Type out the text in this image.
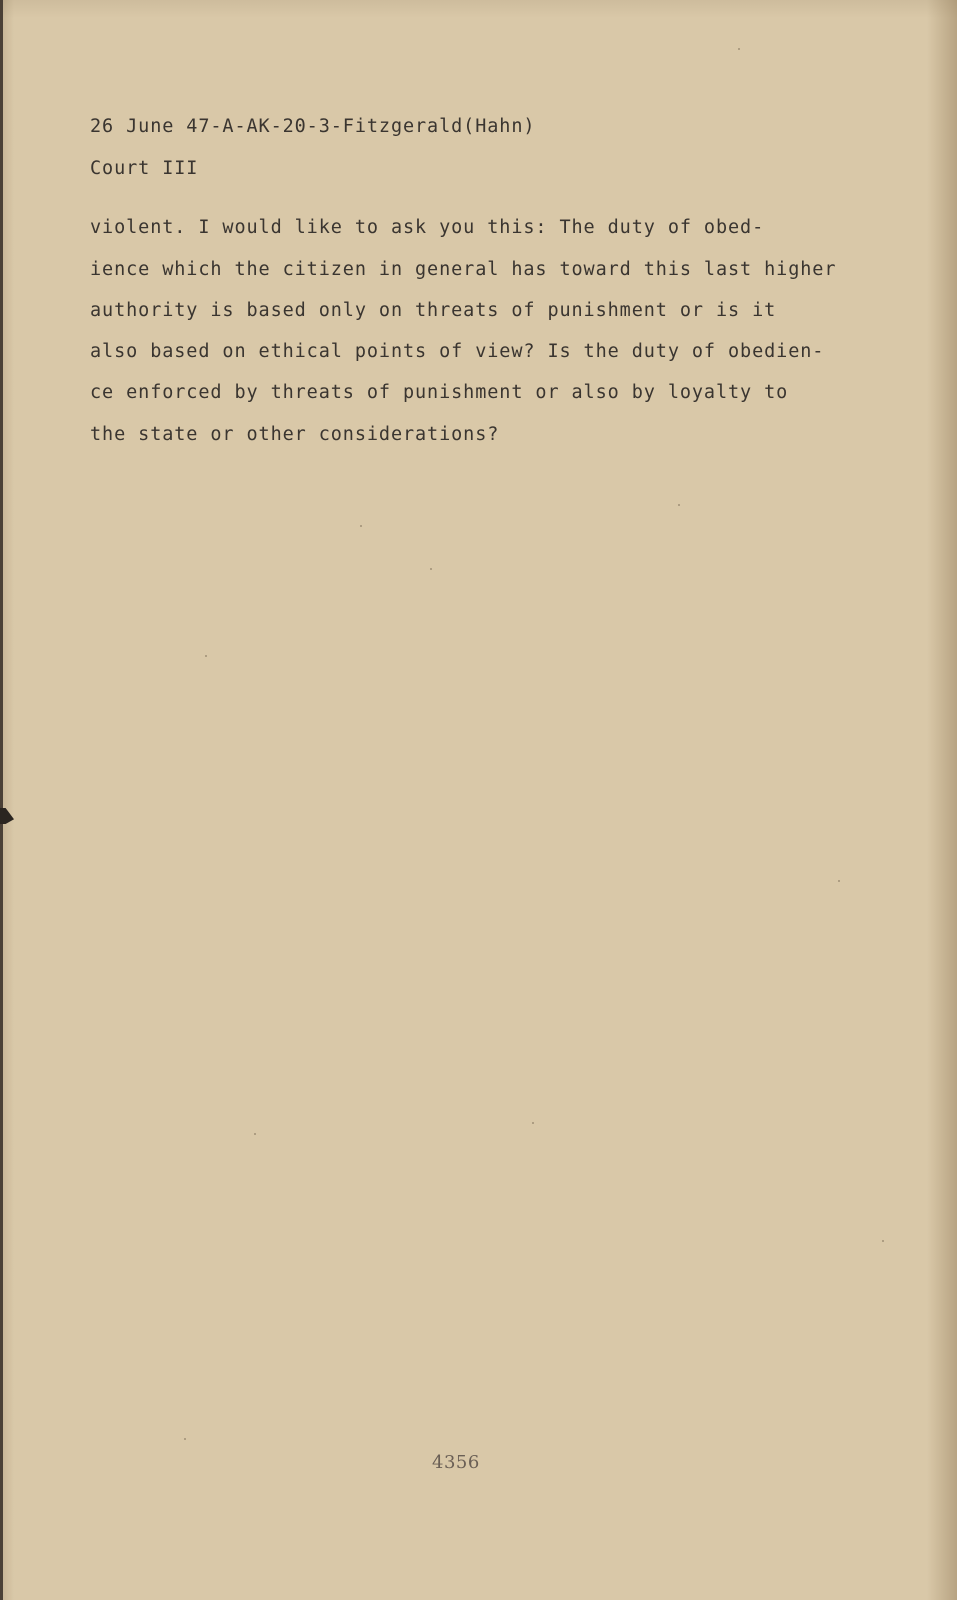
26 June 47-A-AK-20-3-Fitzgerald(Hahn)
Court III
violent. I would like to ask you this: The duty of obed-
ience which the citizen in general has toward this last higher
authority is based only on threats of punishment or is it
also based on ethical points of view? Is the duty of obedien-
ce enforced by threats of punishment or also by loyalty to
the state or other considerations?
4356
